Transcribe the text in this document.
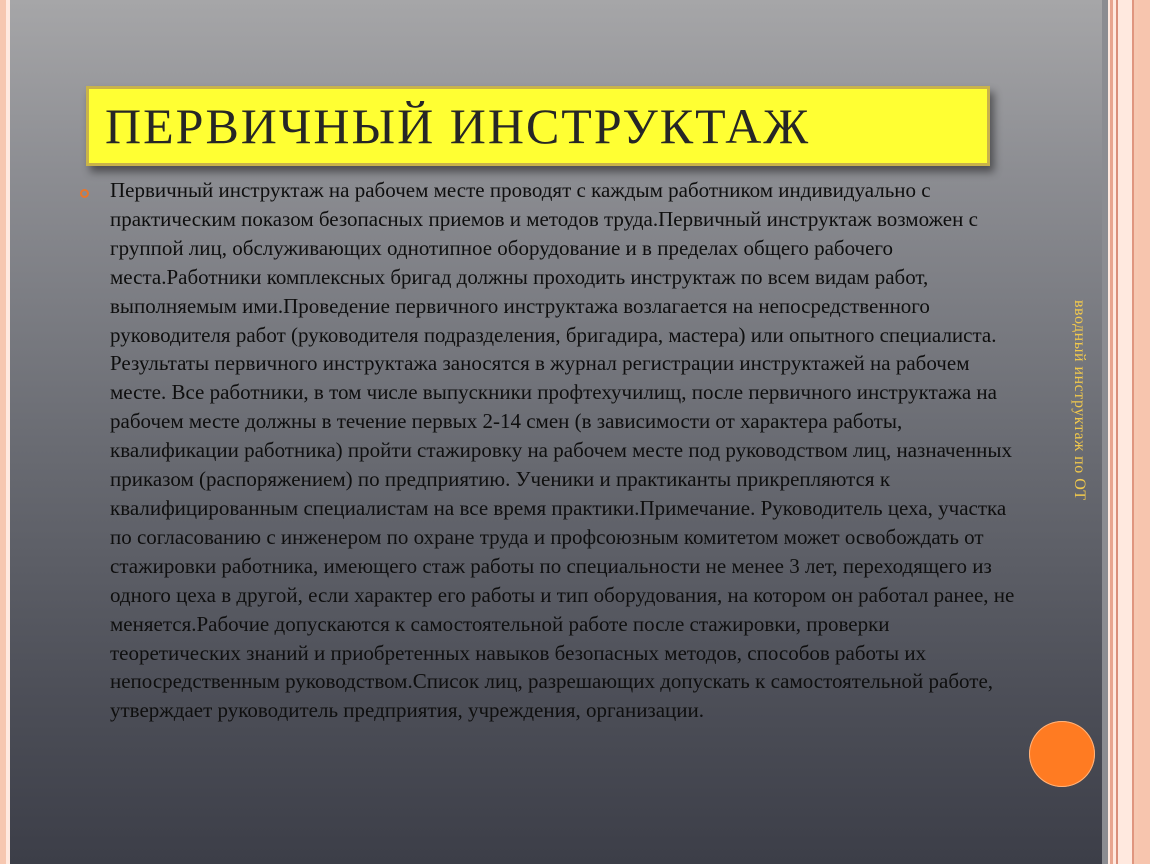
ПЕРВИЧНЫЙ ИНСТРУКТАЖ

Первичный инструктаж на рабочем месте проводят с каждым работником индивидуально с практическим показом безопасных приемов и методов труда.Первичный инструктаж возможен с группой лиц, обслуживающих однотипное оборудование и в пределах общего рабочего места.Работники комплексных бригад должны проходить инструктаж по всем видам работ, выполняемым ими.Проведение первичного инструктажа возлагается на непосредственного руководителя работ (руководителя подразделения, бригадира, мастера) или опытного специалиста. Результаты первичного инструктажа заносятся в журнал регистрации инструктажей на рабочем месте. Все работники, в том числе выпускники профтехучилищ, после первичного инструктажа на рабочем месте должны в течение первых 2-14 смен (в зависимости от характера работы, квалификации работника) пройти стажировку на рабочем месте под руководством лиц, назначенных приказом (распоряжением) по предприятию. Ученики и практиканты прикрепляются к квалифицированным специалистам на все время практики.Примечание. Руководитель цеха, участка по согласованию с инженером по охране труда и профсоюзным комитетом может освобождать от стажировки работника, имеющего стаж работы по специальности не менее 3 лет, переходящего из одного цеха в другой, если характер его работы и тип оборудования, на котором он работал ранее, не меняется.Рабочие допускаются к самостоятельной работе после стажировки, проверки теоретических знаний и приобретенных навыков безопасных методов, способов работы их непосредственным руководством.Список лиц, разрешающих допускать к самостоятельной работе, утверждает руководитель предприятия, учреждения, организации.

вводный инструктаж по ОТ
